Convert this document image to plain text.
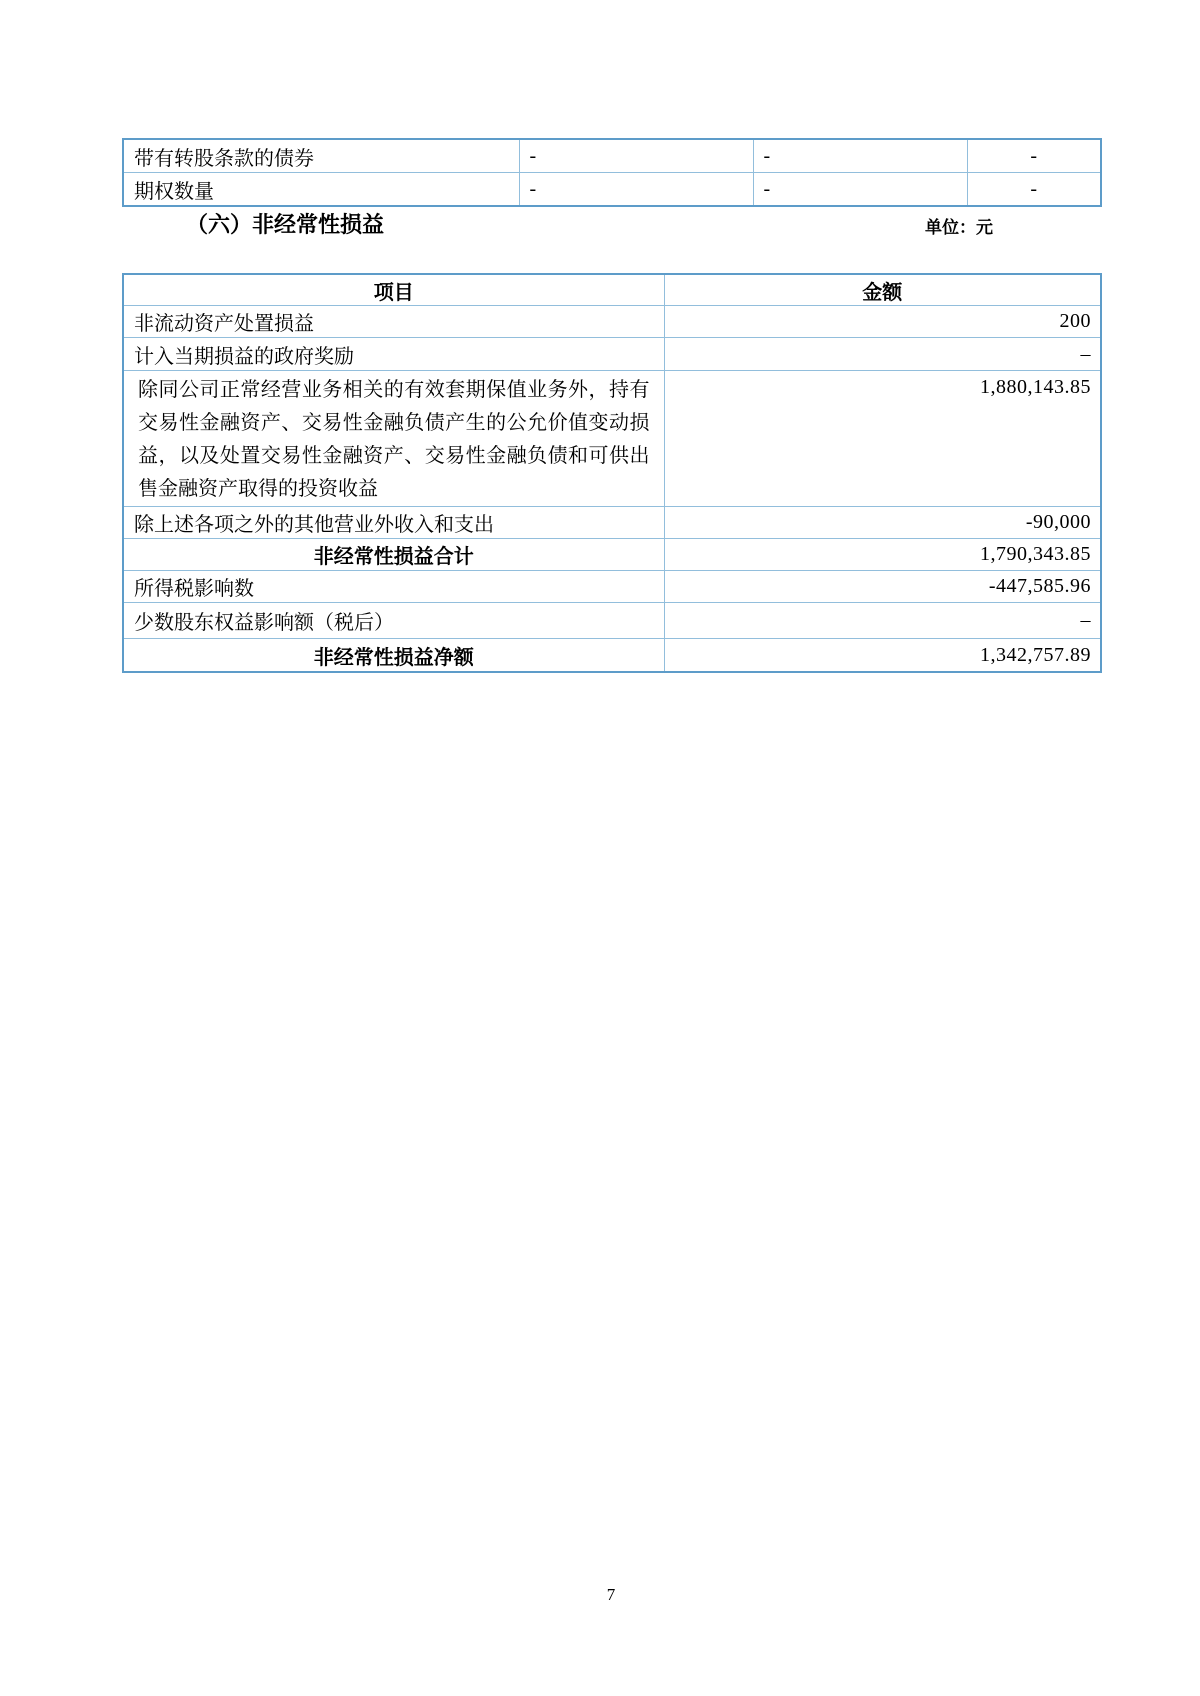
带有转股条款的债券	-	-	-
期权数量	-	-	-
（六）非经常性损益	单位：元
项目	金额
非流动资产处置损益	200
计入当期损益的政府奖励	–
除同公司正常经营业务相关的有效套期保值业务外，持有交易性金融资产、交易性金融负债产生的公允价值变动损益，以及处置交易性金融资产、交易性金融负债和可供出售金融资产取得的投资收益	1,880,143.85
除上述各项之外的其他营业外收入和支出	-90,000
非经常性损益合计	1,790,343.85
所得税影响数	-447,585.96
少数股东权益影响额（税后）	–
非经常性损益净额	1,342,757.89
7
